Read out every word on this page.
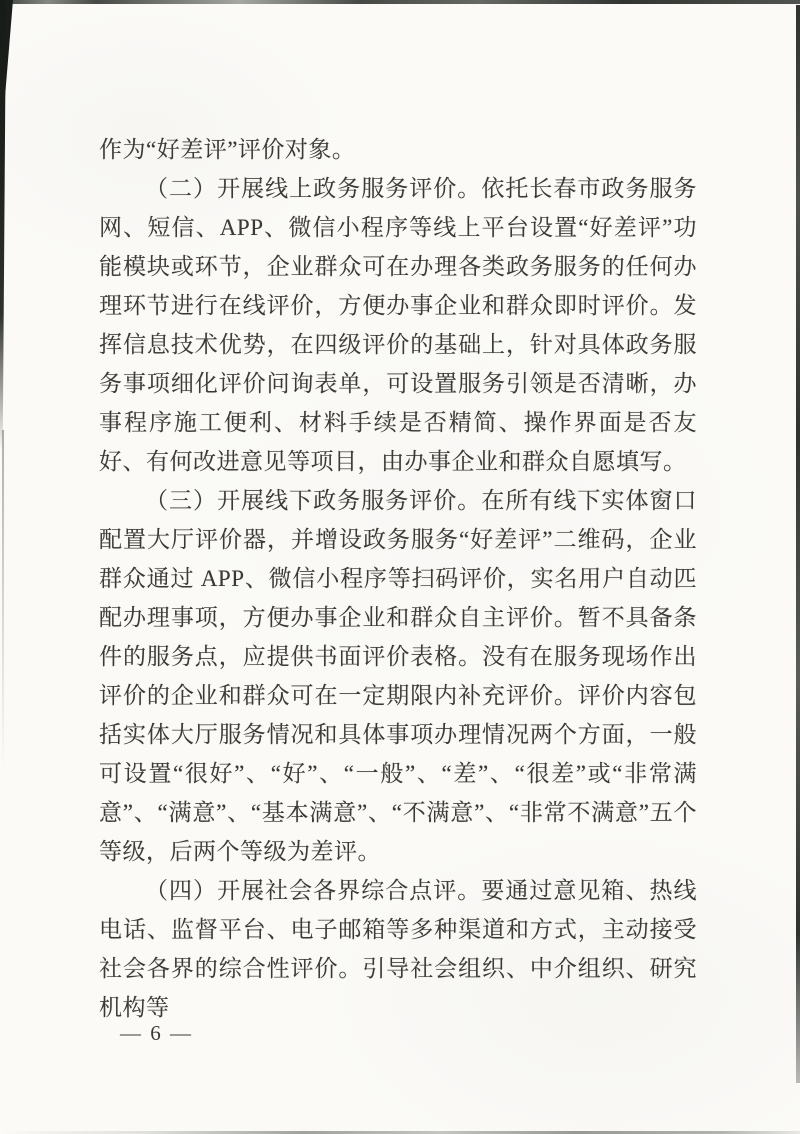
作为“好差评”评价对象。

（二）开展线上政务服务评价。依托长春市政务服务网、短信、APP、微信小程序等线上平台设置“好差评”功能模块或环节，企业群众可在办理各类政务服务的任何办理环节进行在线评价，方便办事企业和群众即时评价。发挥信息技术优势，在四级评价的基础上，针对具体政务服务事项细化评价问询表单，可设置服务引领是否清晰，办事程序施工便利、材料手续是否精简、操作界面是否友好、有何改进意见等项目，由办事企业和群众自愿填写。

（三）开展线下政务服务评价。在所有线下实体窗口配置大厅评价器，并增设政务服务“好差评”二维码，企业群众通过 APP、微信小程序等扫码评价，实名用户自动匹配办理事项，方便办事企业和群众自主评价。暂不具备条件的服务点，应提供书面评价表格。没有在服务现场作出评价的企业和群众可在一定期限内补充评价。评价内容包括实体大厅服务情况和具体事项办理情况两个方面，一般可设置“很好”、“好”、“一般”、“差”、“很差”或“非常满意”、“满意”、“基本满意”、“不满意”、“非常不满意”五个等级，后两个等级为差评。

（四）开展社会各界综合点评。要通过意见箱、热线电话、监督平台、电子邮箱等多种渠道和方式，主动接受社会各界的综合性评价。引导社会组织、中介组织、研究机构等

— 6 —
